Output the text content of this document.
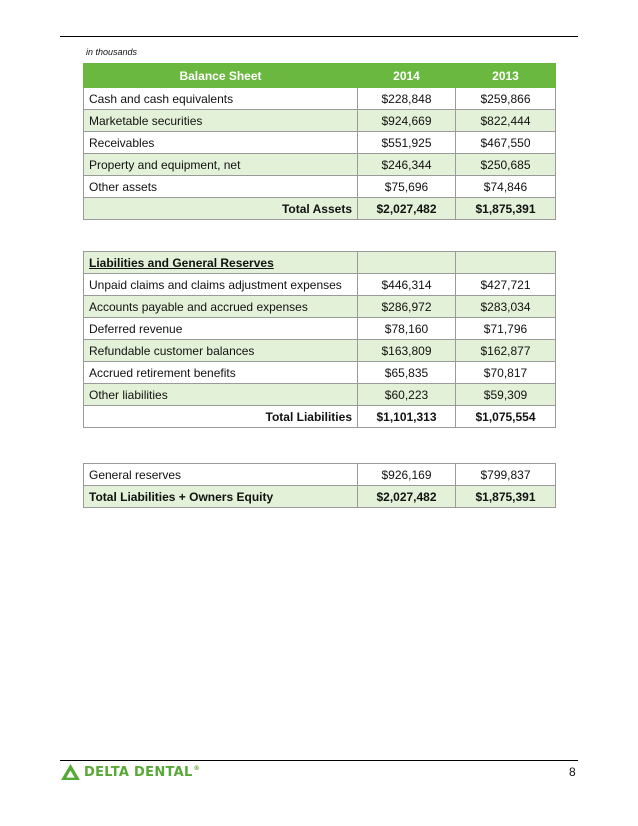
in thousands
Balance Sheet	2014	2013
Cash and cash equivalents	$228,848	$259,866
Marketable securities	$924,669	$822,444
Receivables	$551,925	$467,550
Property and equipment, net	$246,344	$250,685
Other assets	$75,696	$74,846
Total Assets	$2,027,482	$1,875,391
Liabilities and General Reserves		
Unpaid claims and claims adjustment expenses	$446,314	$427,721
Accounts payable and accrued expenses	$286,972	$283,034
Deferred revenue	$78,160	$71,796
Refundable customer balances	$163,809	$162,877
Accrued retirement benefits	$65,835	$70,817
Other liabilities	$60,223	$59,309
Total Liabilities	$1,101,313	$1,075,554
General reserves	$926,169	$799,837
Total Liabilities + Owners Equity	$2,027,482	$1,875,391
DELTA DENTAL®	8
